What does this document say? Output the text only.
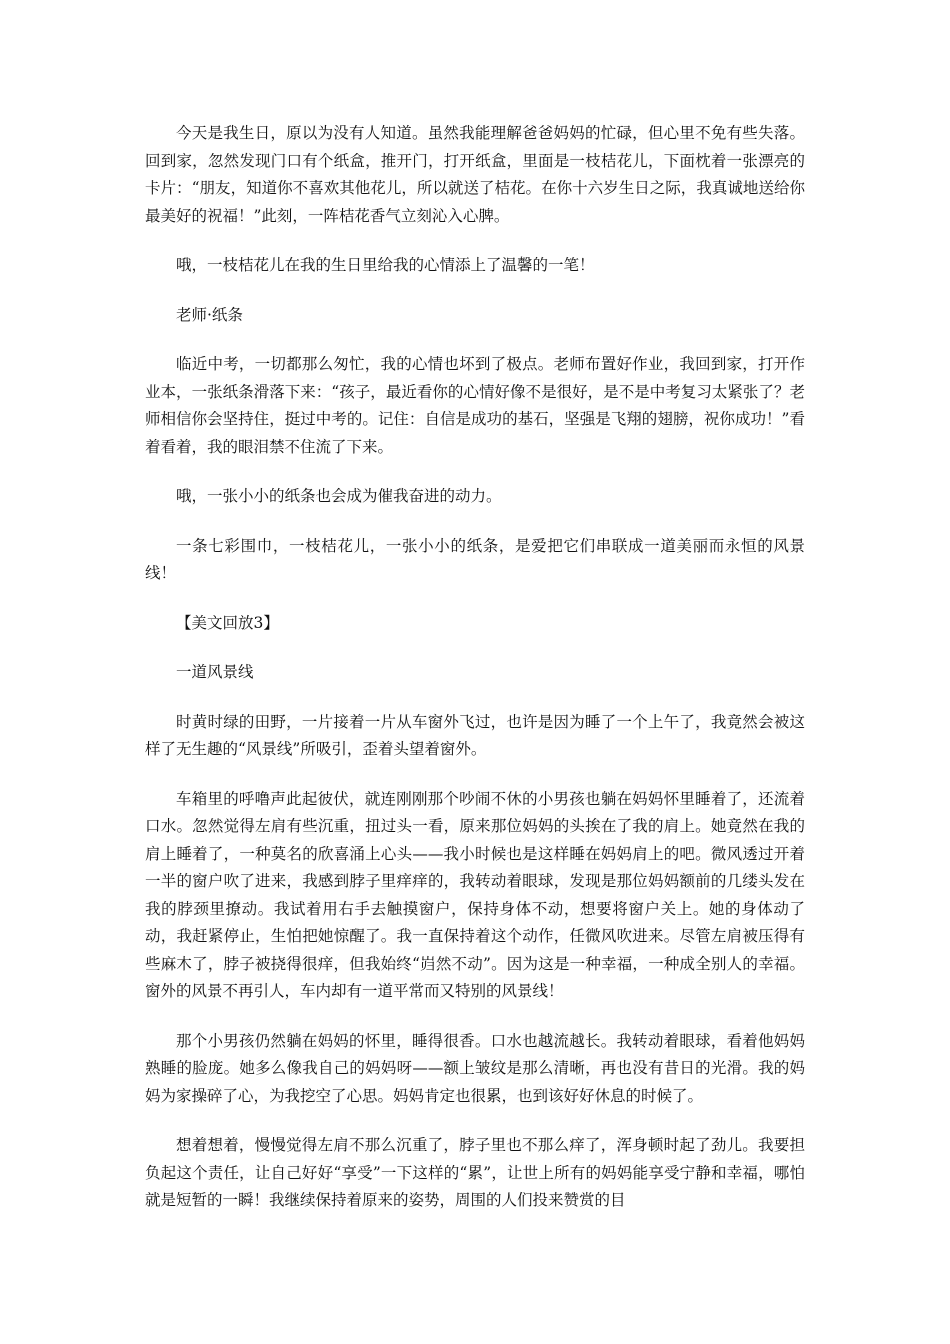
今天是我生日，原以为没有人知道。虽然我能理解爸爸妈妈的忙碌，但心里不免有些失落。回到家，忽然发现门口有个纸盒，推开门，打开纸盒，里面是一枝桔花儿，下面枕着一张漂亮的卡片：“朋友，知道你不喜欢其他花儿，所以就送了桔花。在你十六岁生日之际，我真诚地送给你最美好的祝福！”此刻，一阵桔花香气立刻沁入心脾。

哦，一枝桔花儿在我的生日里给我的心情添上了温馨的一笔！

老师·纸条

临近中考，一切都那么匆忙，我的心情也坏到了极点。老师布置好作业，我回到家，打开作业本，一张纸条滑落下来：“孩子，最近看你的心情好像不是很好，是不是中考复习太紧张了？老师相信你会坚持住，挺过中考的。记住：自信是成功的基石，坚强是飞翔的翅膀，祝你成功！”看着看着，我的眼泪禁不住流了下来。

哦，一张小小的纸条也会成为催我奋进的动力。

一条七彩围巾，一枝桔花儿，一张小小的纸条，是爱把它们串联成一道美丽而永恒的风景线！

【美文回放3】

一道风景线

时黄时绿的田野，一片接着一片从车窗外飞过，也许是因为睡了一个上午了，我竟然会被这样了无生趣的“风景线”所吸引，歪着头望着窗外。

车箱里的呼噜声此起彼伏，就连刚刚那个吵闹不休的小男孩也躺在妈妈怀里睡着了，还流着口水。忽然觉得左肩有些沉重，扭过头一看，原来那位妈妈的头挨在了我的肩上。她竟然在我的肩上睡着了，一种莫名的欣喜涌上心头——我小时候也是这样睡在妈妈肩上的吧。微风透过开着一半的窗户吹了进来，我感到脖子里痒痒的，我转动着眼球，发现是那位妈妈额前的几缕头发在我的脖颈里撩动。我试着用右手去触摸窗户，保持身体不动，想要将窗户关上。她的身体动了动，我赶紧停止，生怕把她惊醒了。我一直保持着这个动作，任微风吹进来。尽管左肩被压得有些麻木了，脖子被挠得很痒，但我始终“岿然不动”。因为这是一种幸福，一种成全别人的幸福。窗外的风景不再引人，车内却有一道平常而又特别的风景线！

那个小男孩仍然躺在妈妈的怀里，睡得很香。口水也越流越长。我转动着眼球，看着他妈妈熟睡的脸庞。她多么像我自己的妈妈呀——额上皱纹是那么清晰，再也没有昔日的光滑。我的妈妈为家操碎了心，为我挖空了心思。妈妈肯定也很累，也到该好好休息的时候了。

想着想着，慢慢觉得左肩不那么沉重了，脖子里也不那么痒了，浑身顿时起了劲儿。我要担负起这个责任，让自己好好“享受”一下这样的“累”，让世上所有的妈妈能享受宁静和幸福，哪怕就是短暂的一瞬！我继续保持着原来的姿势，周围的人们投来赞赏的目
